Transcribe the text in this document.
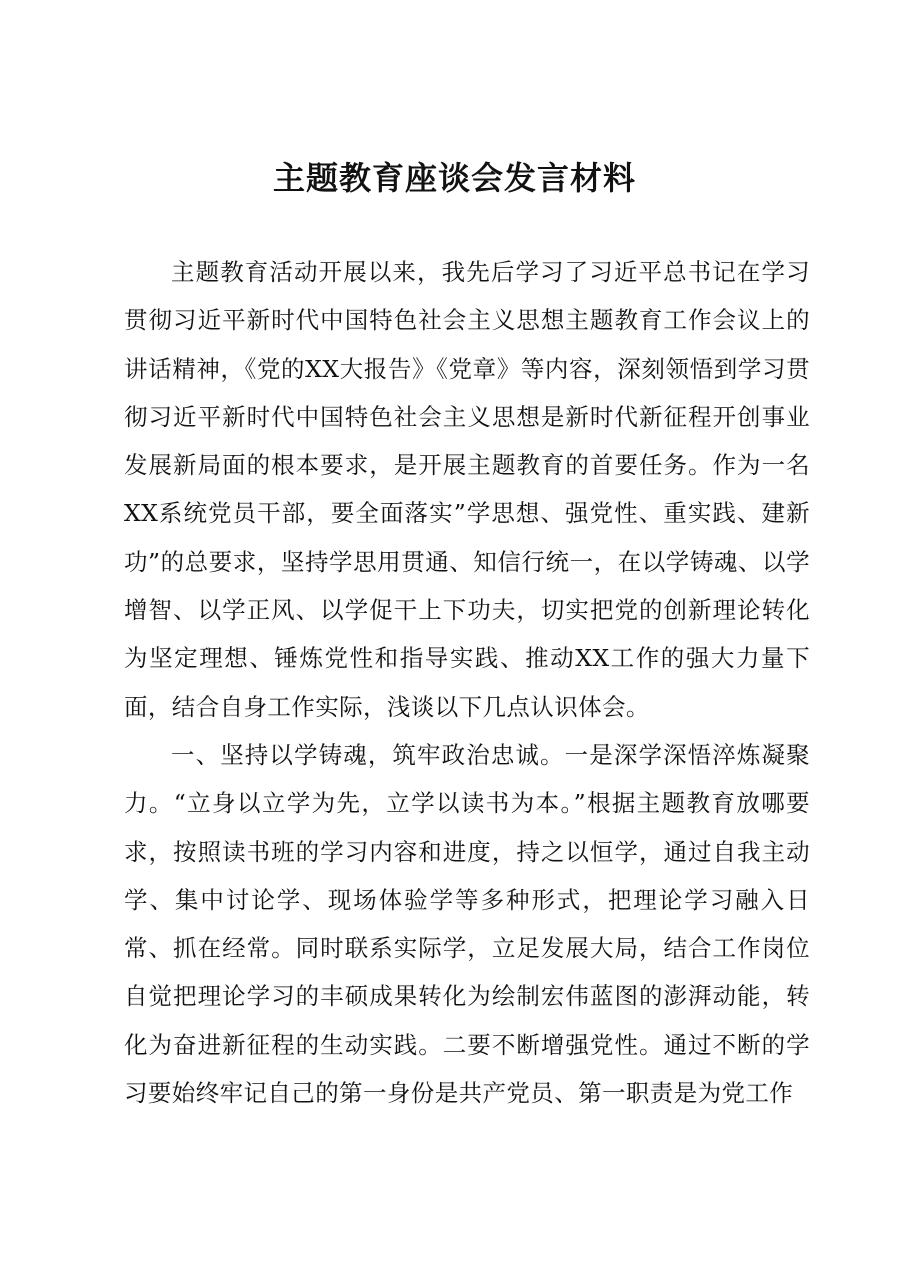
主题教育座谈会发言材料

主题教育活动开展以来，我先后学习了习近平总书记在学习贯彻习近平新时代中国特色社会主义思想主题教育工作会议上的讲话精神，《党的XX大报告》《党章》等内容，深刻领悟到学习贯彻习近平新时代中国特色社会主义思想是新时代新征程开创事业发展新局面的根本要求，是开展主题教育的首要任务。作为一名XX系统党员干部，要全面落实”学思想、强党性、重实践、建新功”的总要求，坚持学思用贯通、知信行统一，在以学铸魂、以学增智、以学正风、以学促干上下功夫，切实把党的创新理论转化为坚定理想、锤炼党性和指导实践、推动XX工作的强大力量下面，结合自身工作实际，浅谈以下几点认识体会。

一、坚持以学铸魂，筑牢政治忠诚。一是深学深悟淬炼凝聚力。“立身以立学为先，立学以读书为本。”根据主题教育放哪要求，按照读书班的学习内容和进度，持之以恒学，通过自我主动学、集中讨论学、现场体验学等多种形式，把理论学习融入日常、抓在经常。同时联系实际学，立足发展大局，结合工作岗位自觉把理论学习的丰硕成果转化为绘制宏伟蓝图的澎湃动能，转化为奋进新征程的生动实践。二要不断增强党性。通过不断的学习要始终牢记自己的第一身份是共产党员、第一职责是为党工作
